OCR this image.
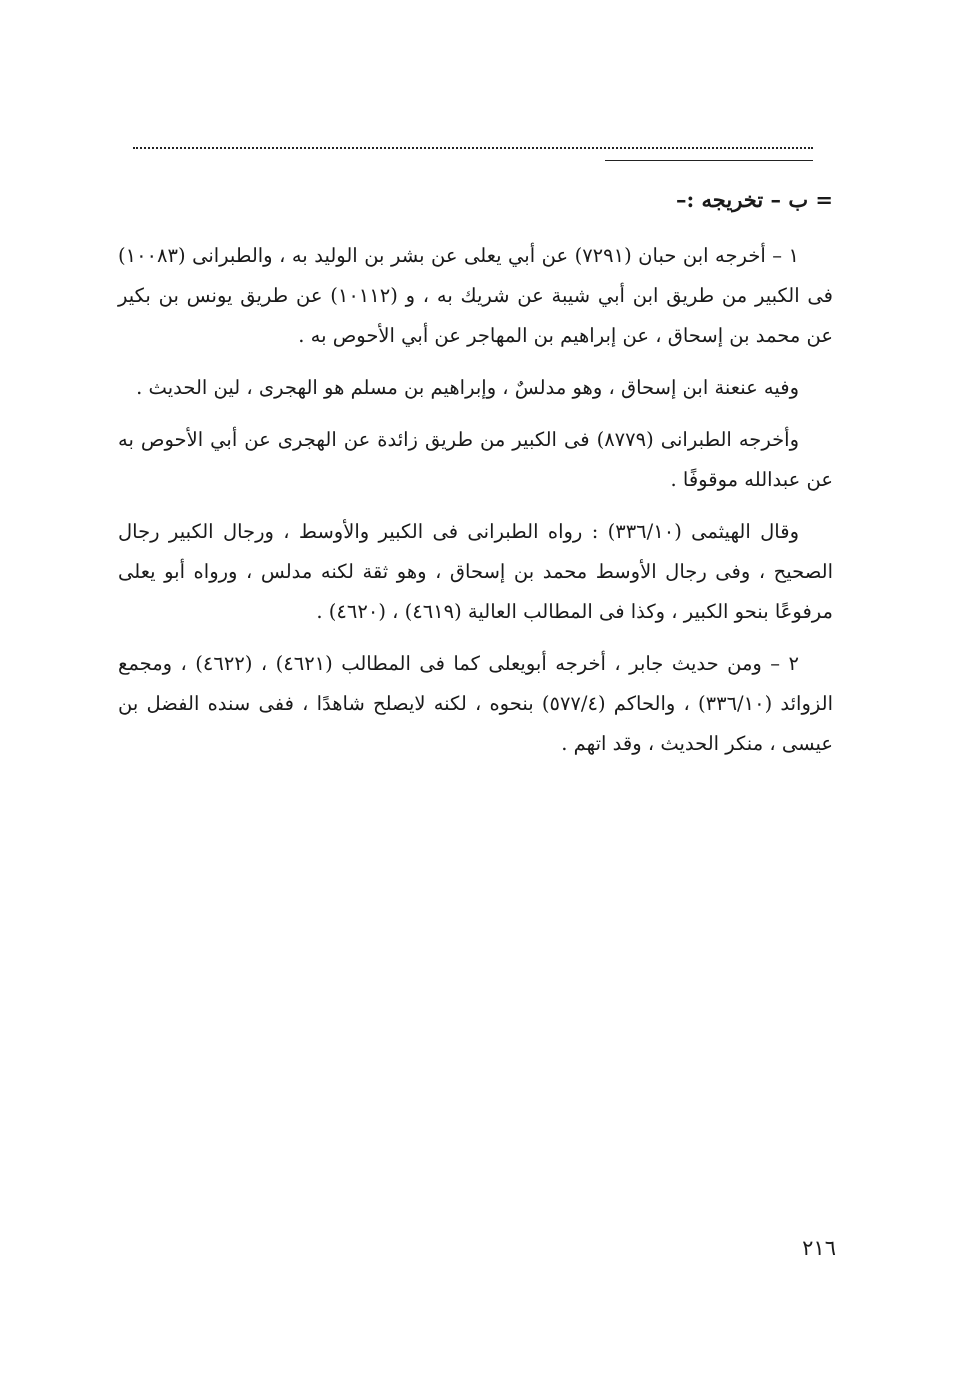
= ب – تخريجه :–

١ – أخرجه ابن حبان (٧٢٩١) عن أبي يعلى عن بشر بن الوليد به ، والطبرانى (١٠٠٨٣) فى الكبير من طريق ابن أبي شيبة عن شريك به ، و (١٠١١٢) عن طريق يونس بن بكير عن محمد بن إسحاق ، عن إبراهيم بن المهاجر عن أبي الأحوص به .

وفيه عنعنة ابن إسحاق ، وهو مدلسٌ ، وإبراهيم بن مسلم هو الهجرى ، لين الحديث .

وأخرجه الطبرانى (٨٧٧٩) فى الكبير من طريق زائدة عن الهجرى عن أبي الأحوص به عن عبدالله موقوفًا .

وقال الهيثمى (٣٣٦/١٠) : رواه الطبرانى فى الكبير والأوسط ، ورجال الكبير رجال الصحيح ، وفى رجال الأوسط محمد بن إسحاق ، وهو ثقة لكنه مدلس ، ورواه أبو يعلى مرفوعًا بنحو الكبير ، وكذا فى المطالب العالية (٤٦١٩) ، (٤٦٢٠) .

٢ – ومن حديث جابر ، أخرجه أبويعلى كما فى المطالب (٤٦٢١) ، (٤٦٢٢) ، ومجمع الزوائد (٣٣٦/١٠) ، والحاكم (٥٧٧/٤) بنحوه ، لكنه لايصلح شاهدًا ، ففى سنده الفضل بن عيسى ، منكر الحديث ، وقد اتهم .

٢١٦
